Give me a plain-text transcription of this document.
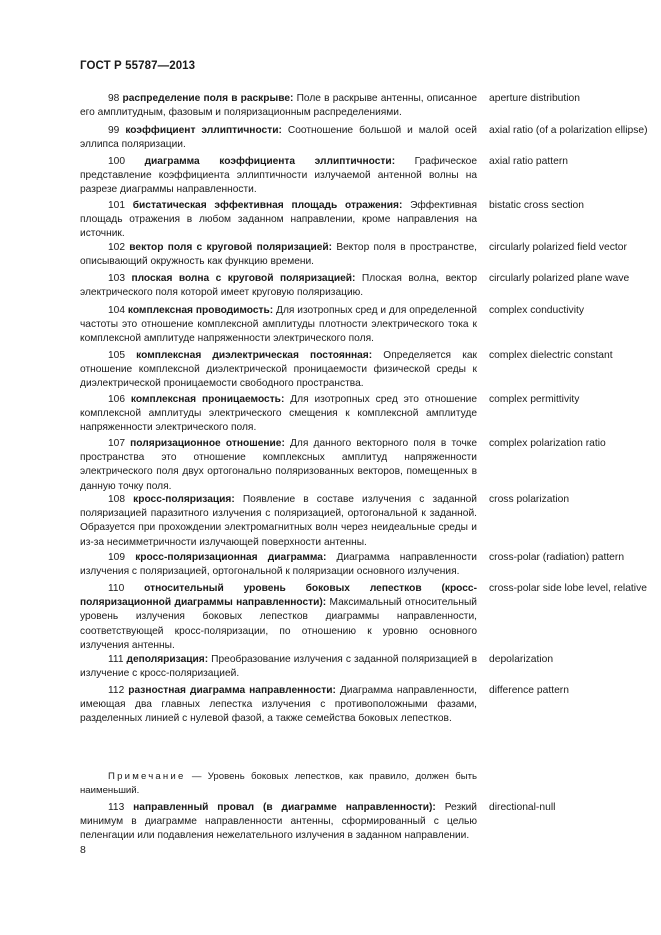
ГОСТ Р 55787—2013
98 распределение поля в раскрыве: Поле в раскрыве антенны, описанное его амплитудным, фазовым и поляризационным распределениями.
aperture distribution
99 коэффициент эллиптичности: Соотношение большой и малой осей эллипса поляризации.
axial ratio (of a polarization ellipse)
100 диаграмма коэффициента эллиптичности: Графическое представление коэффициента эллиптичности излучаемой антенной волны на разрезе диаграммы направленности.
axial ratio pattern
101 бистатическая эффективная площадь отражения: Эффективная площадь отражения в любом заданном направлении, кроме направления на источник.
bistatic cross section
102 вектор поля с круговой поляризацией: Вектор поля в пространстве, описывающий окружность как функцию времени.
circularly polarized field vector
103 плоская волна с круговой поляризацией: Плоская волна, вектор электрического поля которой имеет круговую поляризацию.
circularly polarized plane wave
104 комплексная проводимость: Для изотропных сред и для определенной частоты это отношение комплексной амплитуды плотности электрического тока к комплексной амплитуде напряженности электрического поля.
complex conductivity
105 комплексная диэлектрическая постоянная: Определяется как отношение комплексной диэлектрической проницаемости физической среды к диэлектрической проницаемости свободного пространства.
complex dielectric constant
106 комплексная проницаемость: Для изотропных сред это отношение комплексной амплитуды электрического смещения к комплексной амплитуде напряженности электрического поля.
complex permittivity
107 поляризационное отношение: Для данного векторного поля в точке пространства это отношение комплексных амплитуд напряженности электрического поля двух ортогонально поляризованных векторов, помещенных в данную точку поля.
complex polarization ratio
108 кросс-поляризация: Появление в составе излучения с заданной поляризацией паразитного излучения с поляризацией, ортогональной к заданной. Образуется при прохождении электромагнитных волн через неидеальные среды и из-за несимметричности излучающей поверхности антенны.
cross polarization
109 кросс-поляризационная диаграмма: Диаграмма направленности излучения с поляризацией, ортогональной к поляризации основного излучения.
cross-polar (radiation) pattern
110 относительный уровень боковых лепестков (кросс-поляризационной диаграммы направленности): Максимальный относительный уровень излучения боковых лепестков диаграммы направленности, соответствующей кросс-поляризации, по отношению к уровню основного излучения антенны.
cross-polar side lobe level, relative
111 деполяризация: Преобразование излучения с заданной поляризацией в излучение с кросс-поляризацией.
depolarization
112 разностная диаграмма направленности: Диаграмма направленности, имеющая два главных лепестка излучения с противоположными фазами, разделенных линией с нулевой фазой, а также семейства боковых лепестков.
difference pattern
Примечание — Уровень боковых лепестков, как правило, должен быть наименьший.
113 направленный провал (в диаграмме направленности): Резкий минимум в диаграмме направленности антенны, сформированный с целью пеленгации или подавления нежелательного излучения в заданном направлении.
directional-null
8
